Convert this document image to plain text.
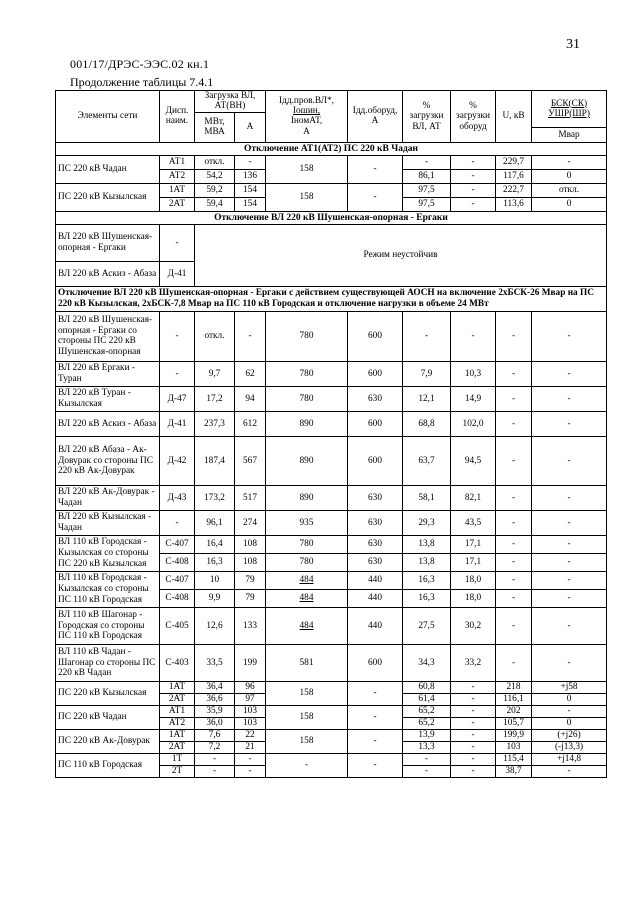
31
001/17/ДРЭС-ЭЭС.02 кн.1
Продолжение таблицы 7.4.1
Элементы сети	Дисп. наим.	Загрузка ВЛ, АТ(ВН)		Iдд.пров.ВЛ*,
Iошин,
IномАТ,
А	Iдд.оборуд, А	% загрузки ВЛ, АТ	% загрузки оборуд	U, кВ	БСК(СК) УШР(ШР)
		МВт, МВА	А						
									Мвар
Отключение АТ1(АТ2) ПС 220 кВ Чадан									
ПС 220 кВ Чадан	АТ1	откл.	-	158	-	-	-	229,7	-
	АТ2	54,2	136			86,1	-	117,6	0
ПС 220 кВ Кызылская	1АТ	59,2	154	158	-	97,5	-	222,7	откл.
	2АТ	59,4	154			97,5	-	113,6	0
Отключение ВЛ 220 кВ Шушенская-опорная - Ергаки									
ВЛ 220 кВ Шушенская-опорная - Ергаки	-	Режим неустойчив							
ВЛ 220 кВ Аскиз - Абаза	Д-41								
Отключение ВЛ 220 кВ Шушенская-опорная - Ергаки с действием существующей АОСН на включение 2хБСК-26 Мвар на ПС 220 кВ Кызылская, 2хБСК-7,8 Мвар на ПС 110 кВ Городская и отключение нагрузки в объеме 24 МВт									
ВЛ 220 кВ Шушенская-опорная - Ергаки со стороны ПС 220 кВ Шушенская-опорная	-	откл.	-	780	600	-	-	-	-
ВЛ 220 кВ Ергаки - Туран	-	9,7	62	780	600	7,9	10,3	-	-
ВЛ 220 кВ Туран - Кызылская	Д-47	17,2	94	780	630	12,1	14,9	-	-
ВЛ 220 кВ Аскиз - Абаза	Д-41	237,3	612	890	600	68,8	102,0	-	-
ВЛ 220 кВ Абаза - Ак-Довурак со стороны ПС 220 кВ Ак-Довурак	Д-42	187,4	567	890	600	63,7	94,5	-	-
ВЛ 220 кВ Ак-Довурак - Чадан	Д-43	173,2	517	890	630	58,1	82,1	-	-
ВЛ 220 кВ Кызылская - Чадан	-	96,1	274	935	630	29,3	43,5	-	-
ВЛ 110 кВ Городская - Кызылская со стороны ПС 220 кВ Кызылская	С-407	16,4	108	780	630	13,8	17,1	-	-
	С-408	16,3	108	780	630	13,8	17,1	-	-
ВЛ 110 кВ Городская - Кызылская со стороны ПС 110 кВ Городская	С-407	10	79	484	440	16,3	18,0	-	-
	С-408	9,9	79	484	440	16,3	18,0	-	-
ВЛ 110 кВ Шагонар - Городская со стороны ПС 110 кВ Городская	С-405	12,6	133	484	440	27,5	30,2	-	-
ВЛ 110 кВ Чадан - Шагонар со стороны ПС 220 кВ Чадан	С-403	33,5	199	581	600	34,3	33,2	-	-
ПС 220 кВ Кызылская	1АТ	36,4	96	158	-	60,8	-	218	+j58
	2АТ	36,6	97			61,4	-	116,1	0
ПС 220 кВ Чадан	АТ1	35,9	103	158	-	65,2	-	202	-
	АТ2	36,0	103			65,2	-	105,7	0
ПС 220 кВ Ак-Довурак	1АТ	7,6	22	158	-	13,9	-	199,9	(+j26)
	2АТ	7,2	21			13,3	-	103	(-j13,3)
ПС 110 кВ Городская	1Т	-	-	-	-	-	-	115,4	+j14,8
	2Т	-	-			-	-	38,7	-
